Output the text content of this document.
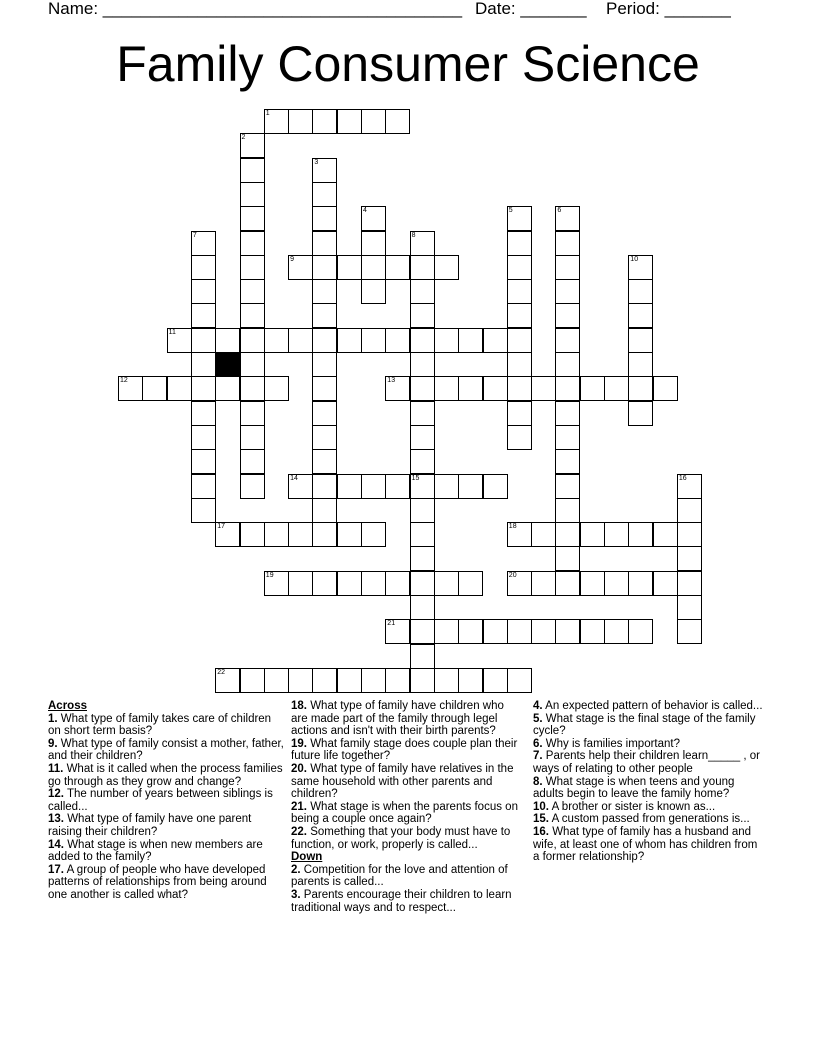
Name: ______________________________________ Date: _______ Period: _______
Family Consumer Science
1
2
3
4	5	6
7	8
9	10
11
12	13
14	15	16
17	18
19	20
21
22
Across
1. What type of family takes care of children on short term basis?
9. What type of family consist a mother, father, and their children?
11. What is it called when the process families go through as they grow and change?
12. The number of years between siblings is called...
13. What type of family have one parent raising their children?
14. What stage is when new members are added to the family?
17. A group of people who have developed patterns of relationships from being around one another is called what?
18. What type of family have children who are made part of the family through legel actions and isn't with their birth parents?
19. What family stage does couple plan their future life together?
20. What type of family have relatives in the same household with other parents and children?
21. What stage is when the parents focus on being a couple once again?
22. Something that your body must have to function, or work, properly is called...
Down
2. Competition for the love and attention of parents is called...
3. Parents encourage their children to learn traditional ways and to respect...
4. An expected pattern of behavior is called...
5. What stage is the final stage of the family cycle?
6. Why is families important?
7. Parents help their children learn_____ , or ways of relating to other people
8. What stage is when teens and young adults begin to leave the family home?
10. A brother or sister is known as...
15. A custom passed from generations is...
16. What type of family has a husband and wife, at least one of whom has children from a former relationship?
